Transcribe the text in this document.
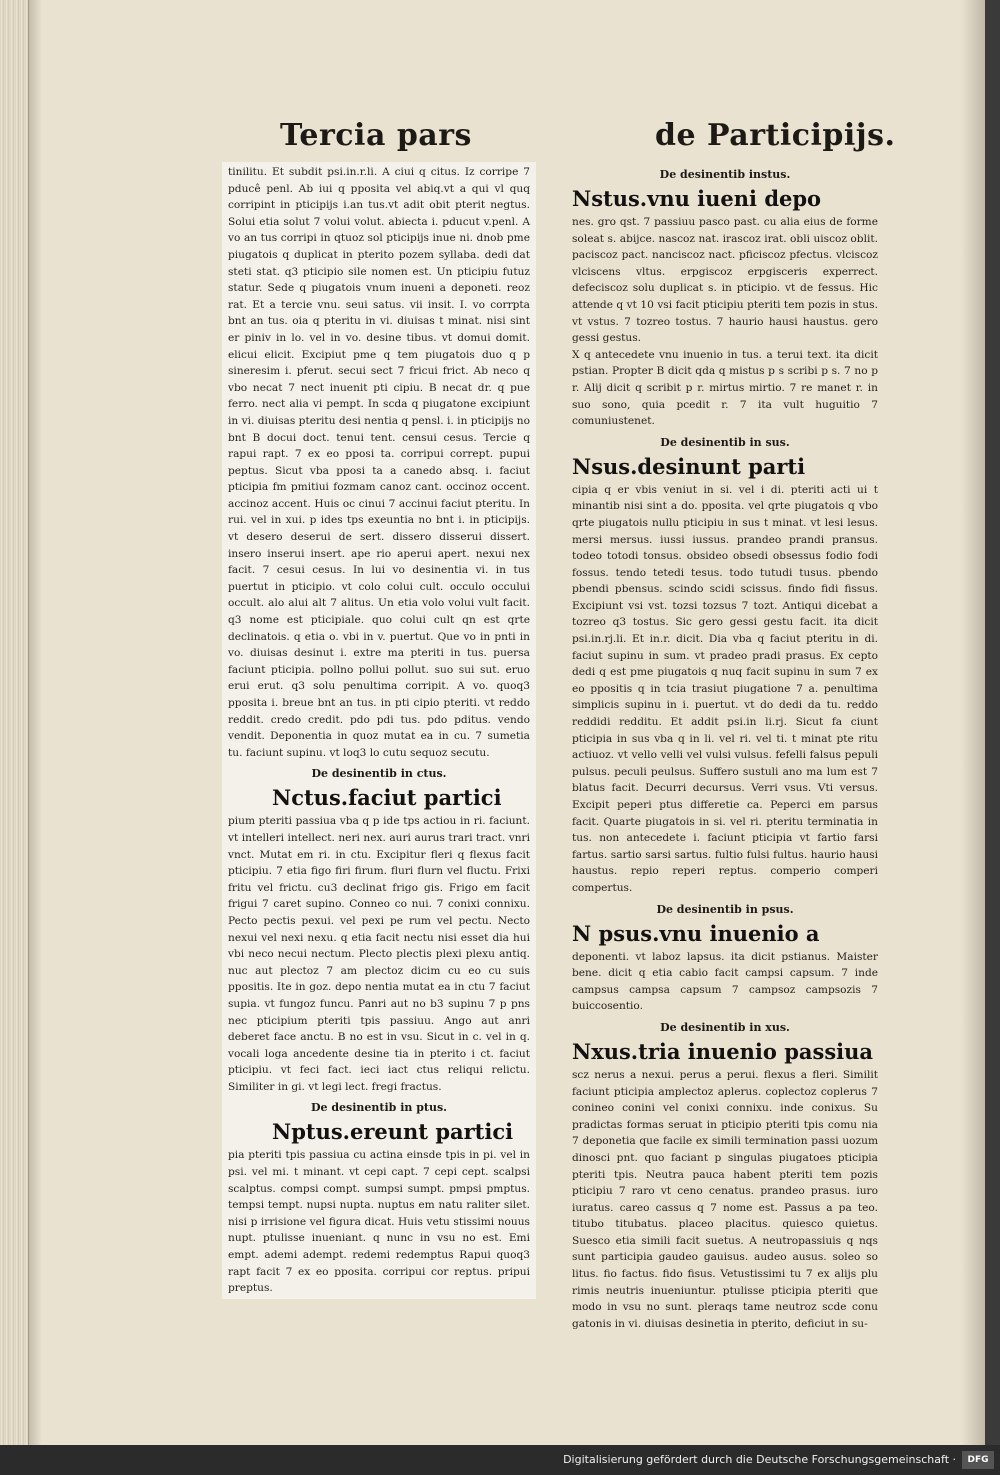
Tercia pars	de Participijs.

tinilitu. Et subdit psi.in.r.li. A ciui q citus. Iz corripe 7 pducê penl. Ab iui q pposita vel abiq.vt a qui vl quq corripint in pticipijs i.an tus.vt adit obit pterit negtus. Solui etia solut 7 volui volut. abiecta i. pducut v.penl. A vo an tus corripi in qtuoz sol pticipijs inue ni. dnob pme piugatois q duplicat in pterito pozem syllaba. dedi dat steti stat. q3 pticipio sile nomen est. Un pticipiu futuz statur. Sede q piugatois vnum inueni a deponeti. reoz rat. Et a tercie vnu. seui satus. vii insit. I. vo corrpta bnt an tus. oia q pteritu in vi. diuisas t minat. nisi sint er piniv in lo. vel in vo. desine tibus. vt domui domit. elicui elicit. Excipiut pme q tem piugatois duo q p sineresim i. pferut. secui sect 7 fricui frict. Ab neco q vbo necat 7 nect inuenit pti cipiu. B necat dr. q pue ferro. nect alia vi pempt. In scda q piugatone excipiunt in vi. diuisas pteritu desi nentia q pensl. i. in pticipijs no bnt B docui doct. tenui tent. censui cesus. Tercie q rapui rapt. 7 ex eo pposi ta. corripui corrept. pupui peptus. Sicut vba pposi ta a canedo absq. i. faciut pticipia fm pmitiui fozmam canoz cant. occinoz occent. accinoz accent. Huis oc cinui 7 accinui faciut pteritu. In rui. vel in xui. p ides tps exeuntia no bnt i. in pticipijs. vt desero deserui de sert. dissero disserui dissert. insero inserui insert. ape rio aperui apert. nexui nex facit. 7 cesui cesus. In lui vo desinentia vi. in tus puertut in pticipio. vt colo colui cult. occulo occului occult. alo alui alt 7 alitus. Un etia volo volui vult facit. q3 nome est pticipiale. quo colui cult qn est qrte declinatois. q etia o. vbi in v. puertut. Que vo in pnti in vo. diuisas desinut i. extre ma pteriti in tus. puersa faciunt pticipia. pollno pollui pollut. suo sui sut. eruo erui erut. q3 solu penultima corripit. A vo. quoq3 pposita i. breue bnt an tus. in pti cipio pteriti. vt reddo reddit. credo credit. pdo pdi tus. pdo pditus. vendo vendit. Deponentia in quoz mutat ea in cu. 7 sumetia tu. faciunt supinu. vt loq3 lo cutu sequoz secutu.

De desinentib in ctus.
Nctus.faciut partici

pium pteriti passiua vba q p ide tps actiou in ri. faciunt. vt intelleri intellect. neri nex. auri aurus trari tract. vnri vnct. Mutat em ri. in ctu. Excipitur fleri q flexus facit pticipiu. 7 etia figo firi firum. fluri flurn vel fluctu. Frixi fritu vel frictu. cu3 declinat frigo gis. Frigo em facit frigui 7 caret supino. Conneo co nui. 7 conixi connixu. Pecto pectis pexui. vel pexi pe rum vel pectu. Necto nexui vel nexi nexu. q etia facit nectu nisi esset dia hui vbi neco necui nectum. Plecto plectis plexi plexu antiq. nuc aut plectoz 7 am plectoz dicim cu eo cu suis ppositis. Ite in goz. depo nentia mutat ea in ctu 7 faciut supia. vt fungoz funcu. Panri aut no b3 supinu 7 p pns nec pticipium pteriti tpis passiuu. Ango aut anri deberet face anctu. B no est in vsu. Sicut in c. vel in q. vocali loga ancedente desine tia in pterito i ct. faciut pticipiu. vt feci fact. ieci iact ctus reliqui relictu. Similiter in gi. vt legi lect. fregi fractus.

De desinentib in ptus.
Nptus.ereunt partici

pia pteriti tpis passiua cu actina einsde tpis in pi. vel in psi. vel mi. t minant. vt cepi capt. 7 cepi cept. scalpsi scalptus. compsi compt. sumpsi sumpt. pmpsi pmptus. tempsi tempt. nupsi nupta. nuptus em natu raliter silet. nisi p irrisione vel figura dicat. Huis vetu stissimi nouus nupt. ptulisse inueniant. q nunc in vsu no est. Emi empt. ademi adempt. redemi redemptus Rapui quoq3 rapt facit 7 ex eo pposita. corripui cor reptus. pripui preptus.

De desinentib instus.
Nstus.vnu iueni depo

nes. gro qst. 7 passiuu pasco past. cu alia eius de forme soleat s. abijce. nascoz nat. irascoz irat. obli uiscoz oblit. paciscoz pact. nanciscoz nact. pficiscoz pfectus. vlciscoz vlciscens vltus. erpgiscoz erpgisceris experrect. defeciscoz solu duplicat s. in pticipio. vt de fessus. Hic attende q vt 10 vsi facit pticipiu pteriti tem pozis in stus. vt vstus. 7 tozreo tostus. 7 haurio hausi haustus. gero gessi gestus.

X q antecedete vnu inuenio in tus. a terui text. ita dicit pstian. Propter B dicit qda q mistus p s scribi p s. 7 no p r. Alij dicit q scribit p r. mirtus mirtio. 7 re manet r. in suo sono, quia pcedit r. 7 ita vult huguitio 7 comuniustenet.

De desinentib in sus.
Nsus.desinunt parti

cipia q er vbis veniut in si. vel i di. pteriti acti ui t minantib nisi sint a do. pposita. vel qrte piugatois q vbo qrte piugatois nullu pticipiu in sus t minat. vt lesi lesus. mersi mersus. iussi iussus. prandeo prandi pransus. todeo totodi tonsus. obsideo obsedi obsessus fodio fodi fossus. tendo tetedi tesus. todo tutudi tusus. pbendo pbendi pbensus. scindo scidi scissus. findo fidi fissus. Excipiunt vsi vst. tozsi tozsus 7 tozt. Antiqui dicebat a tozreo q3 tostus. Sic gero gessi gestu facit. ita dicit psi.in.rj.li. Et in.r. dicit. Dia vba q faciut pteritu in di. faciut supinu in sum. vt pradeo pradi prasus. Ex cepto dedi q est pme piugatois q nuq facit supinu in sum 7 ex eo ppositis q in tcia trasiut piugatione 7 a. penultima simplicis supinu in i. puertut. vt do dedi da tu. reddo reddidi redditu. Et addit psi.in li.rj. Sicut fa ciunt pticipia in sus vba q in li. vel ri. vel ti. t minat pte ritu actiuoz. vt vello velli vel vulsi vulsus. fefelli falsus pepuli pulsus. peculi peulsus. Suffero sustuli ano ma lum est 7 blatus facit. Decurri decursus. Verri vsus. Vti versus. Excipit peperi ptus differetie ca. Peperci em parsus facit. Quarte piugatois in si. vel ri. pteritu terminatia in tus. non antecedete i. faciunt pticipia vt fartio farsi fartus. sartio sarsi sartus. fultio fulsi fultus. haurio hausi haustus. repio reperi reptus. comperio comperi compertus.

De desinentib in psus.
N psus.vnu inuenio a

deponenti. vt laboz lapsus. ita dicit pstianus. Maister bene. dicit q etia cabio facit campsi capsum. 7 inde campsus campsa capsum 7 campsoz campsozis 7 buiccosentio.

De desinentib in xus.
Nxus.tria inuenio passiua

scz nerus a nexui. perus a perui. flexus a fleri. Similit faciunt pticipia amplectoz aplerus. coplectoz coplerus 7 conineo conini vel conixi connixu. inde conixus. Su pradictas formas seruat in pticipio pteriti tpis comu nia 7 deponetia que facile ex simili termination passi uozum dinosci pnt. quo faciant p singulas piugatoes pticipia pteriti tpis. Neutra pauca habent pteriti tem pozis pticipiu 7 raro vt ceno cenatus. prandeo prasus. iuro iuratus. careo cassus q 7 nome est. Passus a pa teo. titubo titubatus. placeo placitus. quiesco quietus. Suesco etia simili facit suetus. A neutropassiuis q nqs sunt participia gaudeo gauisus. audeo ausus. soleo so litus. fio factus. fido fisus. Vetustissimi tu 7 ex alijs plu rimis neutris inueniuntur. ptulisse pticipia pteriti que modo in vsu no sunt. pleraqs tame neutroz scde conu gatonis in vi. diuisas desinetia in pterito, deficiut in su-

Digitalisierung gefördert durch die Deutsche Forschungsgemeinschaft ·	DFG
